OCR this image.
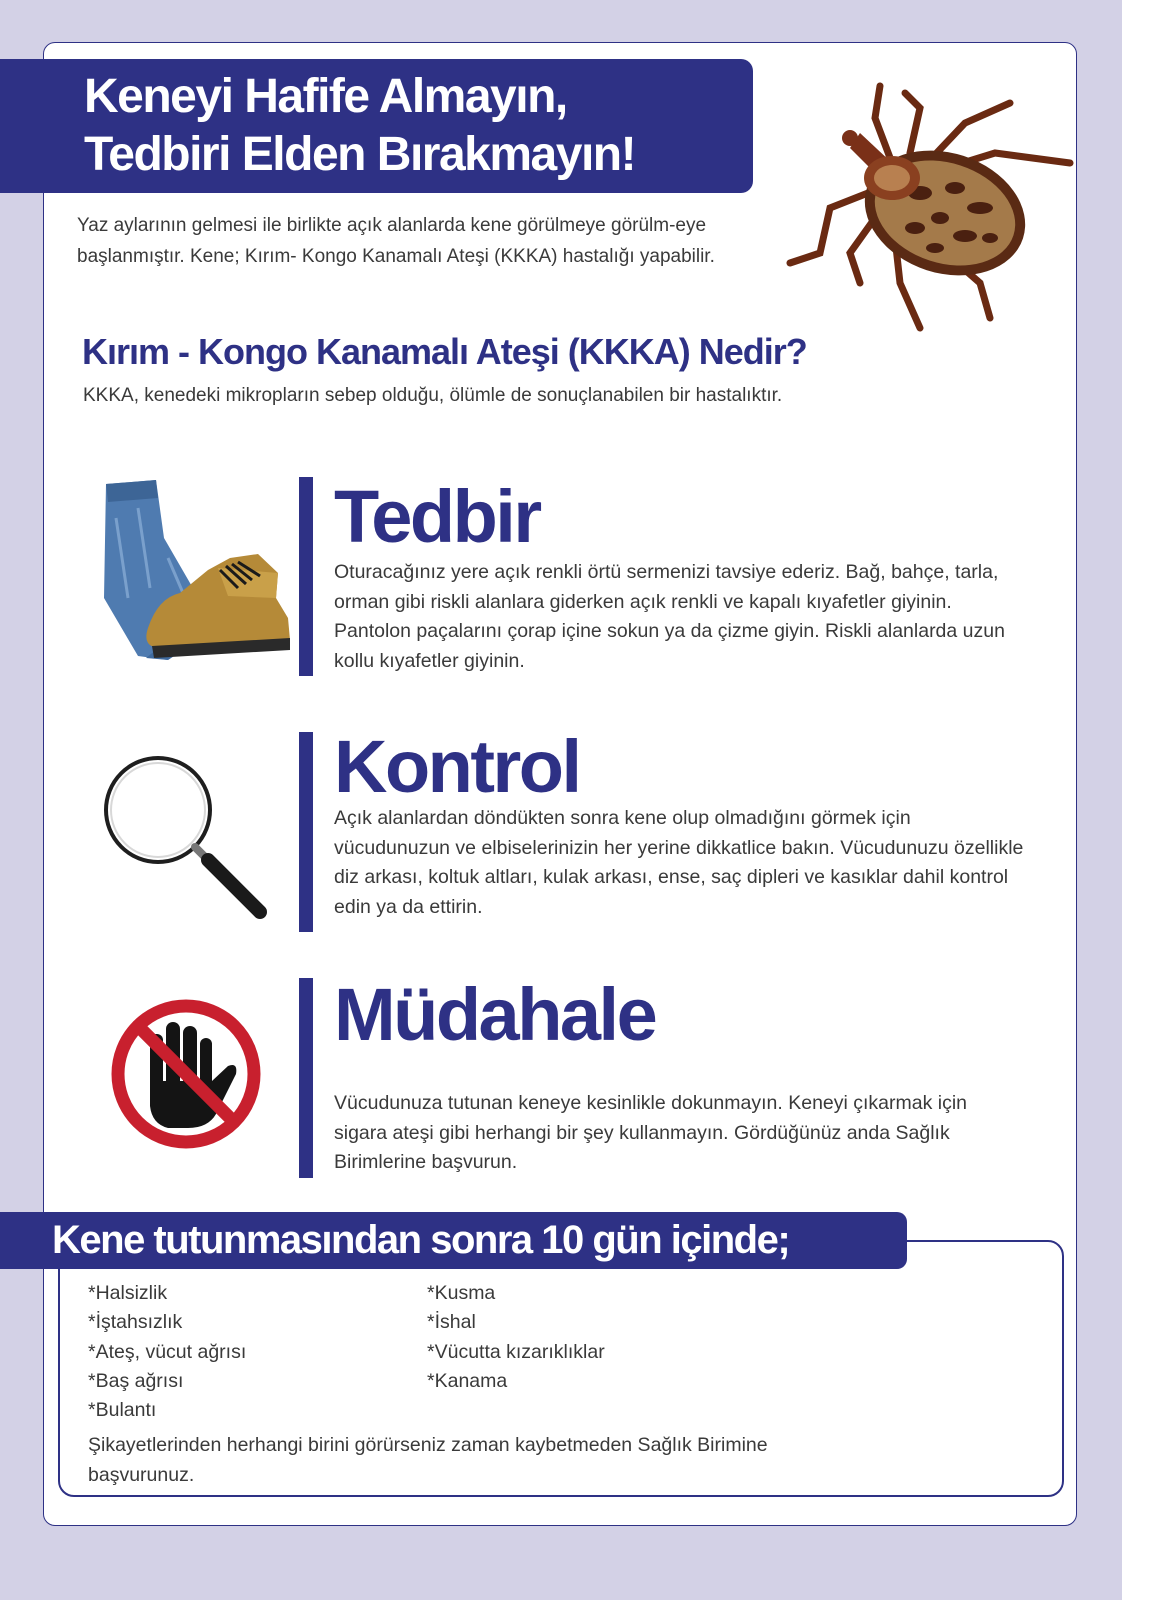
Keneyi Hafife Almayın,
Tedbiri Elden Bırakmayın!

Yaz aylarının gelmesi ile birlikte açık alanlarda kene görülmeye görülm-eye başlanmıştır. Kene; Kırım- Kongo Kanamalı Ateşi (KKKA) hastalığı yapabilir.

Kırım - Kongo Kanamalı Ateşi (KKKA) Nedir?
KKKA, kenedeki mikropların sebep olduğu, ölümle de sonuçlanabilen bir hastalıktır.
Tedbir

Oturacağınız yere açık renkli örtü sermenizi tavsiye ederiz. Bağ, bahçe, tarla, orman gibi riskli alanlara giderken açık renkli ve kapalı kıyafetler giyinin. Pantolon paçalarını çorap içine sokun ya da çizme giyin. Riskli alanlarda uzun kollu kıyafetler giyinin.

Kontrol

Açık alanlardan döndükten sonra kene olup olmadığını görmek için vücudunuzun ve elbiselerinizin her yerine dikkatlice bakın. Vücudunuzu özellikle diz arkası, koltuk altları, kulak arkası, ense, saç dipleri ve kasıklar dahil kontrol edin ya da ettirin.

Müdahale

Vücudunuza tutunan keneye kesinlikle dokunmayın. Keneyi çıkarmak için sigara ateşi gibi herhangi bir şey kullanmayın. Gördüğünüz anda Sağlık Birimlerine başvurun.

Kene tutunmasından sonra 10 gün içinde;
*Halsizlik
*İştahsızlık
*Ateş, vücut ağrısı
*Baş ağrısı
*Bulantı
*Kusma
*İshal
*Vücutta kızarıklıklar
*Kanama

Şikayetlerinden herhangi birini görürseniz zaman kaybetmeden Sağlık Birimine başvurunuz.
